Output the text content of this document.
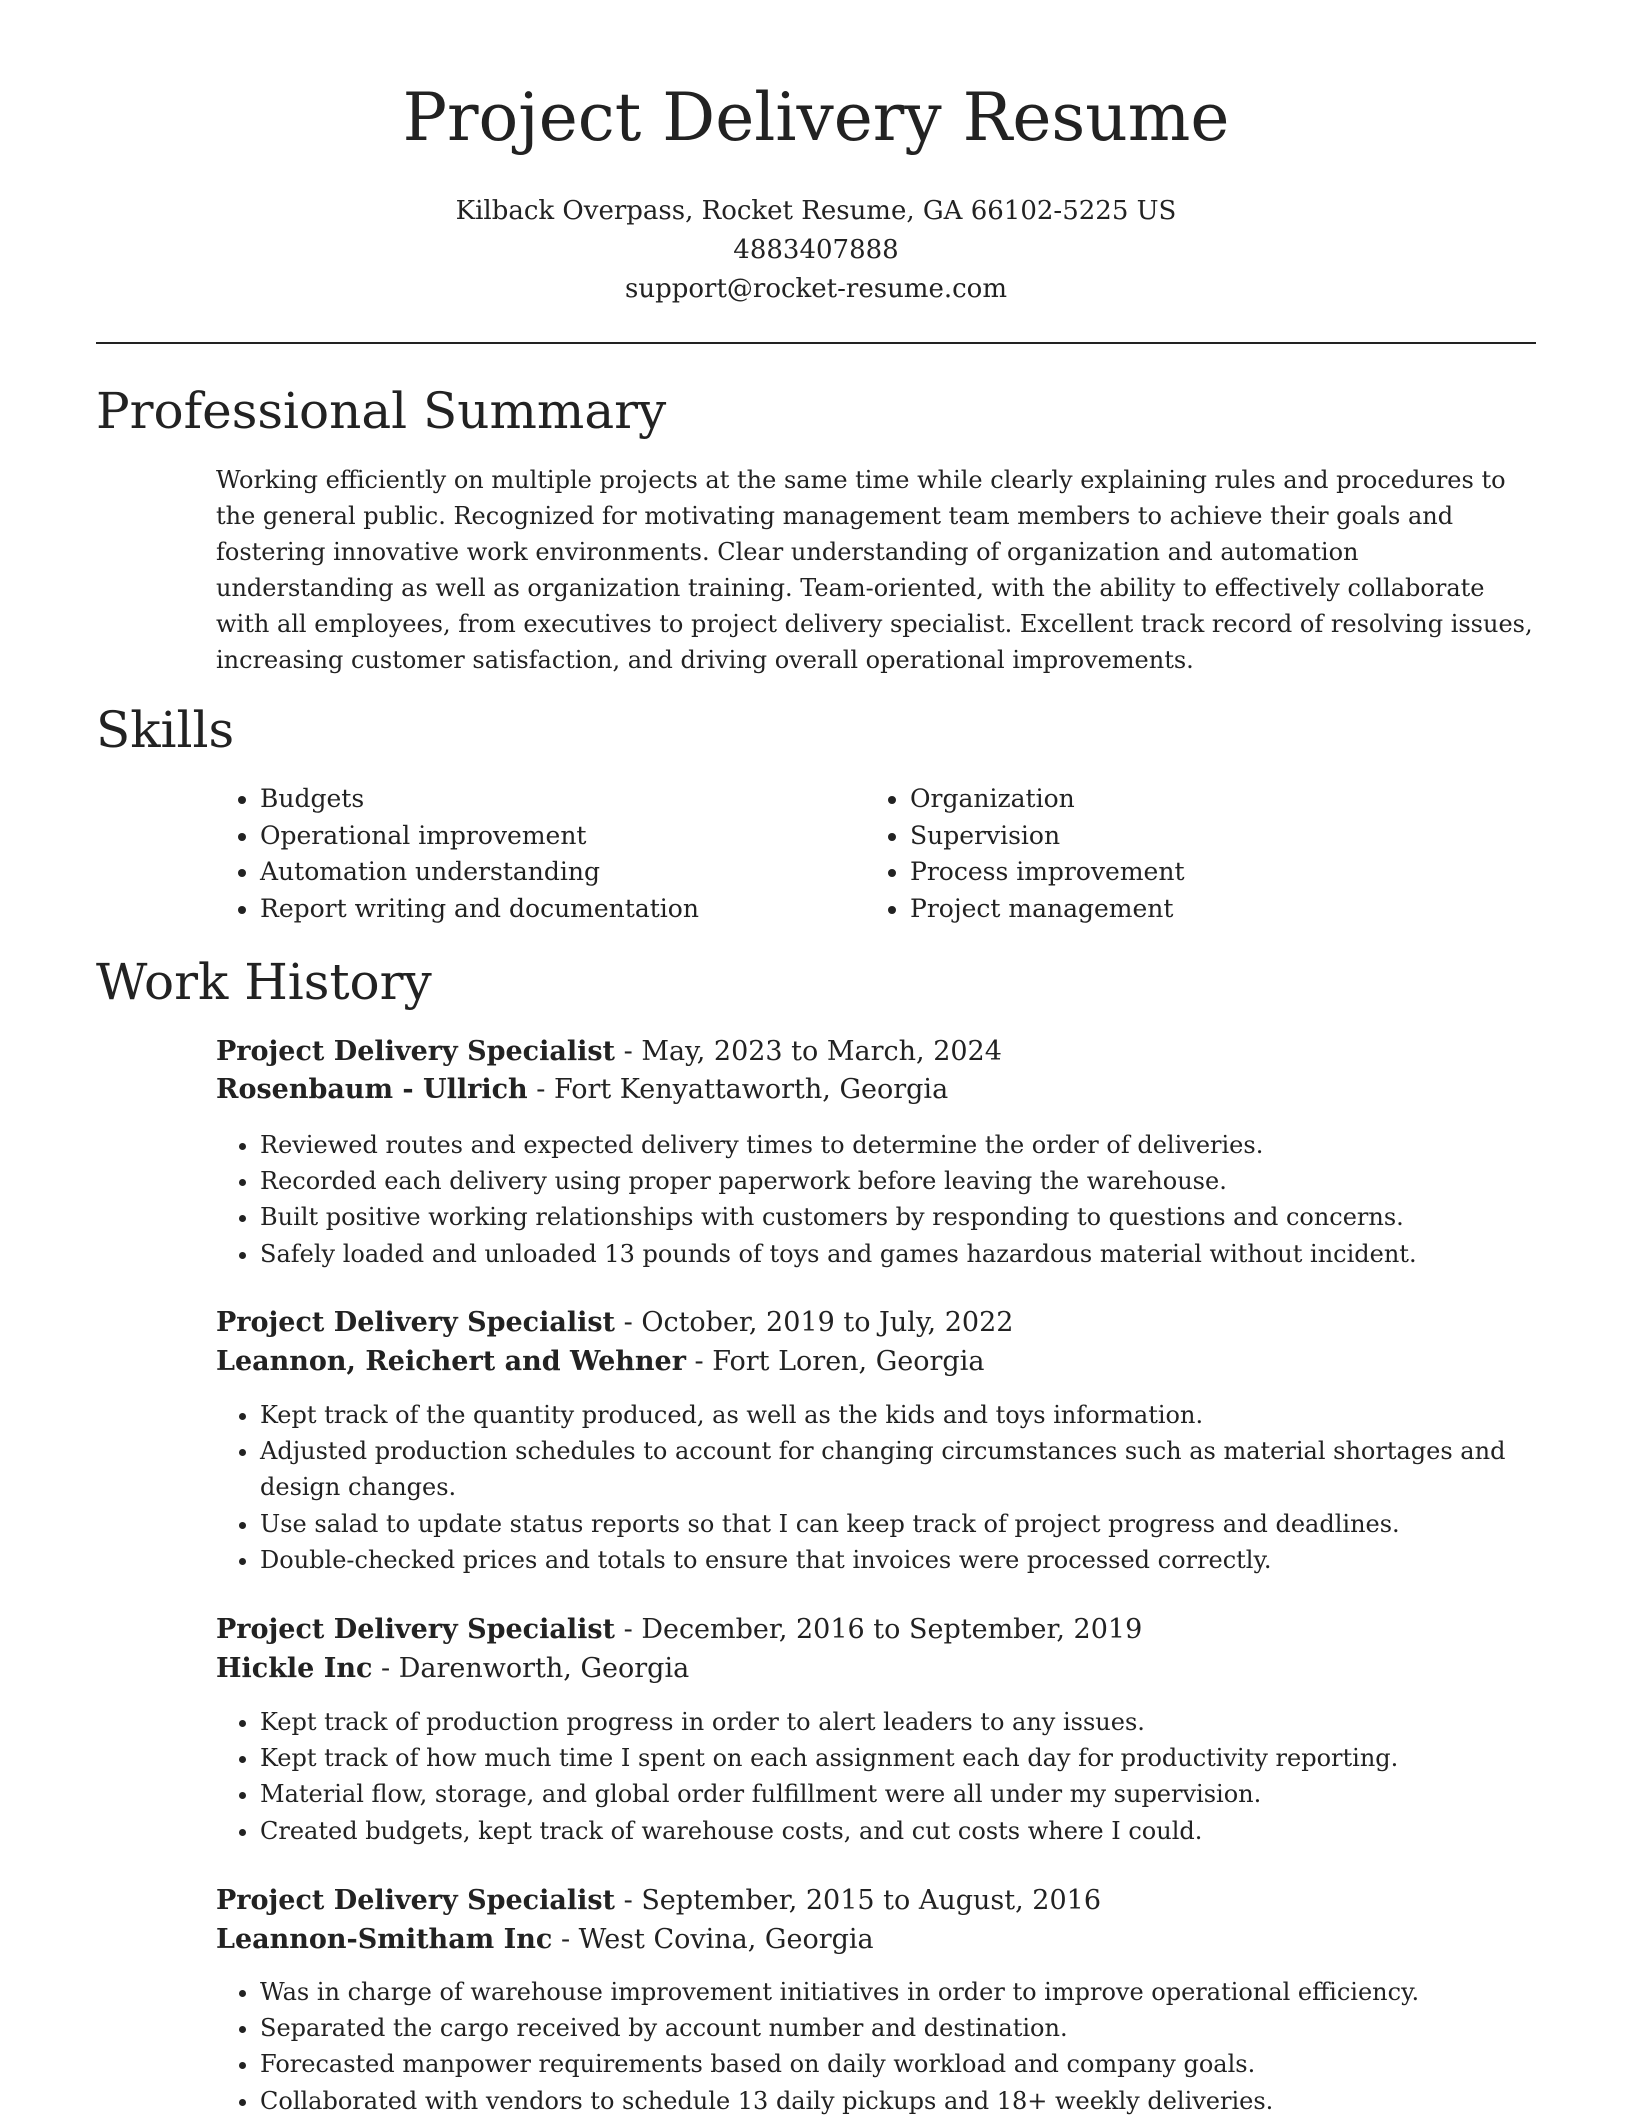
Project Delivery Resume
Kilback Overpass, Rocket Resume, GA 66102-5225 US
4883407888
support@rocket-resume.com
Professional Summary

Working efficiently on multiple projects at the same time while clearly explaining rules and procedures to the general public. Recognized for motivating management team members to achieve their goals and fostering innovative work environments. Clear understanding of organization and automation understanding as well as organization training. Team-oriented, with the ability to effectively collaborate with all employees, from executives to project delivery specialist. Excellent track record of resolving issues, increasing customer satisfaction, and driving overall operational improvements.

Skills
• Budgets
• Operational improvement
• Automation understanding
• Report writing and documentation
• Organization
• Supervision
• Process improvement
• Project management
Work History
Project Delivery Specialist - May, 2023 to March, 2024
Rosenbaum - Ullrich - Fort Kenyattaworth, Georgia
• Reviewed routes and expected delivery times to determine the order of deliveries.
• Recorded each delivery using proper paperwork before leaving the warehouse.
• Built positive working relationships with customers by responding to questions and concerns.
• Safely loaded and unloaded 13 pounds of toys and games hazardous material without incident.
Project Delivery Specialist - October, 2019 to July, 2022
Leannon, Reichert and Wehner - Fort Loren, Georgia
• Kept track of the quantity produced, as well as the kids and toys information.
• Adjusted production schedules to account for changing circumstances such as material shortages and design changes.
• Use salad to update status reports so that I can keep track of project progress and deadlines.
• Double-checked prices and totals to ensure that invoices were processed correctly.
Project Delivery Specialist - December, 2016 to September, 2019
Hickle Inc - Darenworth, Georgia
• Kept track of production progress in order to alert leaders to any issues.
• Kept track of how much time I spent on each assignment each day for productivity reporting.
• Material flow, storage, and global order fulfillment were all under my supervision.
• Created budgets, kept track of warehouse costs, and cut costs where I could.
Project Delivery Specialist - September, 2015 to August, 2016
Leannon-Smitham Inc - West Covina, Georgia
• Was in charge of warehouse improvement initiatives in order to improve operational efficiency.
• Separated the cargo received by account number and destination.
• Forecasted manpower requirements based on daily workload and company goals.
• Collaborated with vendors to schedule 13 daily pickups and 18+ weekly deliveries.
